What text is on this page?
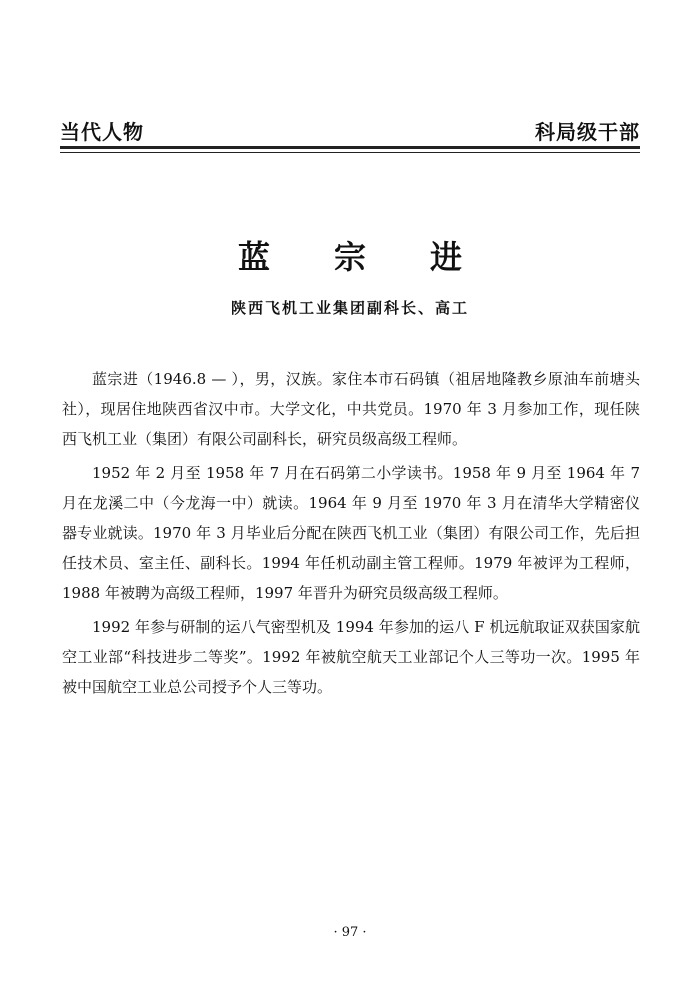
当代人物	科局级干部
蓝宗进
陕西飞机工业集团副科长、高工

蓝宗进（1946.8 — ），男，汉族。家住本市石码镇（祖居地隆教乡原油车前塘头社），现居住地陕西省汉中市。大学文化，中共党员。1970 年 3 月参加工作，现任陕西飞机工业（集团）有限公司副科长，研究员级高级工程师。

1952 年 2 月至 1958 年 7 月在石码第二小学读书。1958 年 9 月至 1964 年 7 月在龙溪二中（今龙海一中）就读。1964 年 9 月至 1970 年 3 月在清华大学精密仪器专业就读。1970 年 3 月毕业后分配在陕西飞机工业（集团）有限公司工作，先后担任技术员、室主任、副科长。1994 年任机动副主管工程师。1979 年被评为工程师，1988 年被聘为高级工程师，1997 年晋升为研究员级高级工程师。

1992 年参与研制的运八气密型机及 1994 年参加的运八 F 机远航取证双获国家航空工业部“科技进步二等奖”。1992 年被航空航天工业部记个人三等功一次。1995 年被中国航空工业总公司授予个人三等功。

· 97 ·
